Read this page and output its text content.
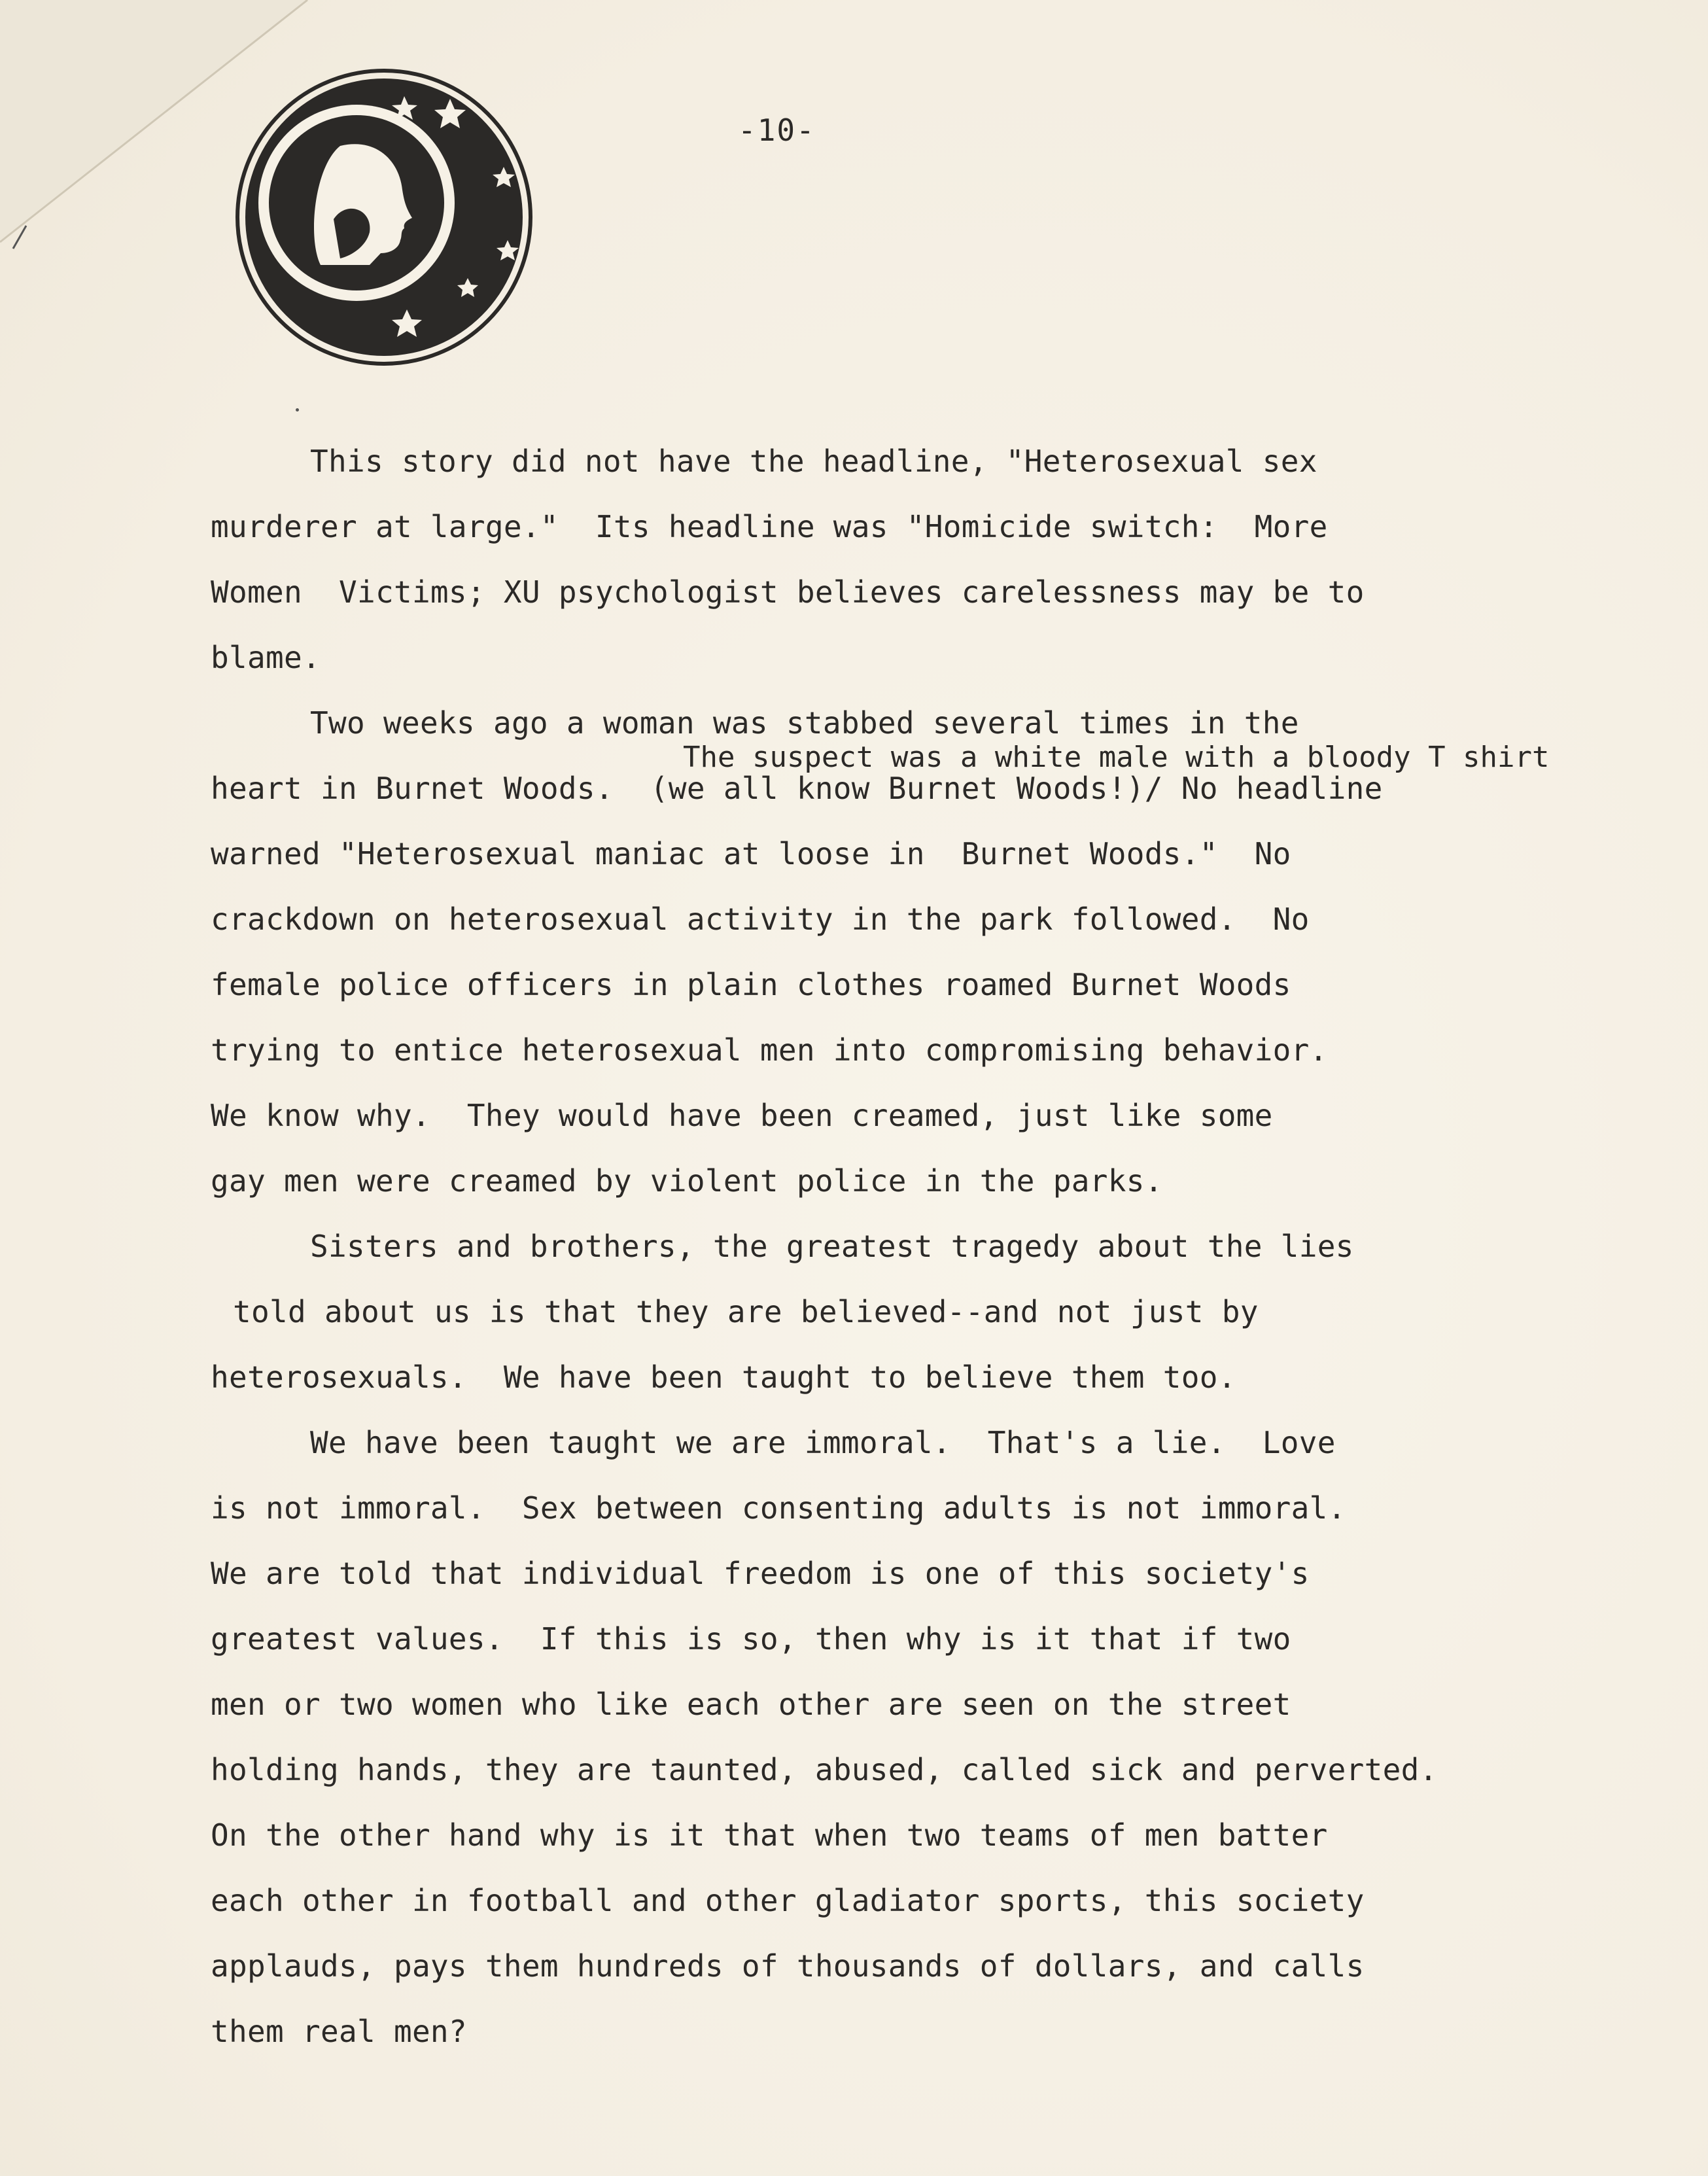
-10-
This story did not have the headline, "Heterosexual sex
murderer at large."  Its headline was "Homicide switch:  More
Women  Victims; XU psychologist believes carelessness may be to
blame.
Two weeks ago a woman was stabbed several times in the
The suspect was a white male with a bloody T shirt
heart in Burnet Woods.  (we all know Burnet Woods!)/ No headline
warned "Heterosexual maniac at loose in  Burnet Woods."  No
crackdown on heterosexual activity in the park followed.  No
female police officers in plain clothes roamed Burnet Woods
trying to entice heterosexual men into compromising behavior.
We know why.  They would have been creamed, just like some
gay men were creamed by violent police in the parks.
Sisters and brothers, the greatest tragedy about the lies
told about us is that they are believed--and not just by
heterosexuals.  We have been taught to believe them too.
We have been taught we are immoral.  That's a lie.  Love
is not immoral.  Sex between consenting adults is not immoral.
We are told that individual freedom is one of this society's
greatest values.  If this is so, then why is it that if two
men or two women who like each other are seen on the street
holding hands, they are taunted, abused, called sick and perverted.
On the other hand why is it that when two teams of men batter
each other in football and other gladiator sports, this society
applauds, pays them hundreds of thousands of dollars, and calls
them real men?
